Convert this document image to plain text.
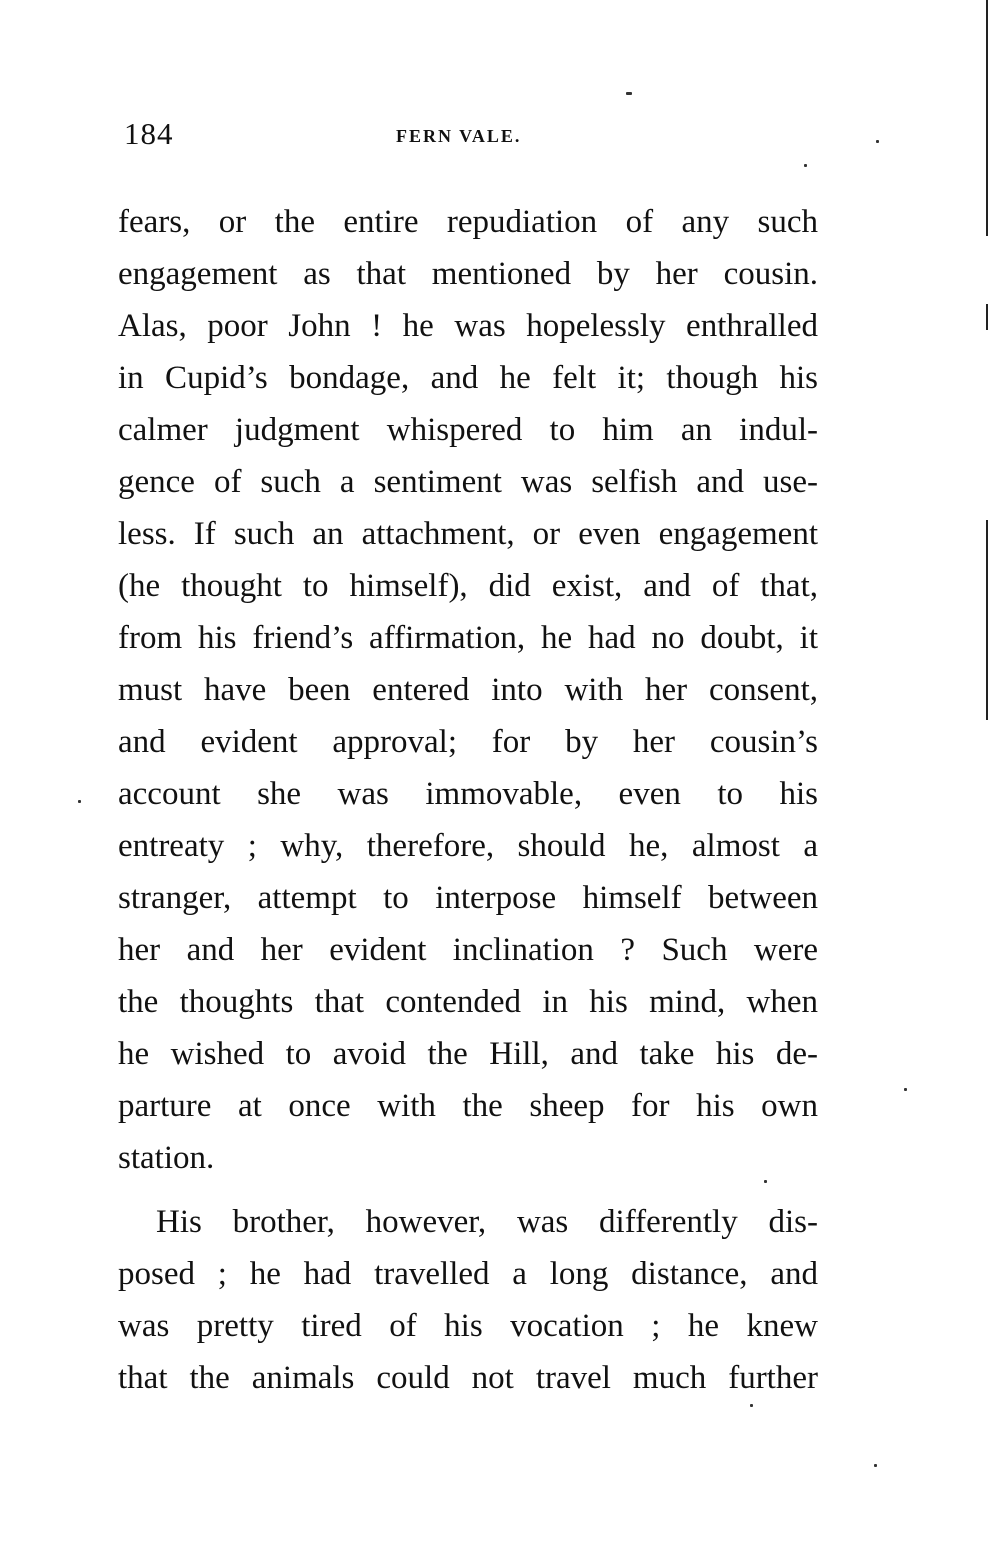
184	FERN VALE.
fears, or the entire repudiation of any such
engagement as that mentioned by her cousin.
Alas, poor John ! he was hopelessly enthralled
in Cupid’s bondage, and he felt it; though his
calmer judgment whispered to him an indul-
gence of such a sentiment was selfish and use-
less. If such an attachment, or even engagement
(he thought to himself), did exist, and of that,
from his friend’s affirmation, he had no doubt, it
must have been entered into with her consent,
and evident approval; for by her cousin’s
account she was immovable, even to his
entreaty ; why, therefore, should he, almost a
stranger, attempt to interpose himself between
her and her evident inclination ? Such were
the thoughts that contended in his mind, when
he wished to avoid the Hill, and take his de-
parture at once with the sheep for his own
station.
His brother, however, was differently dis-
posed ; he had travelled a long distance, and
was pretty tired of his vocation ; he knew
that the animals could not travel much further
